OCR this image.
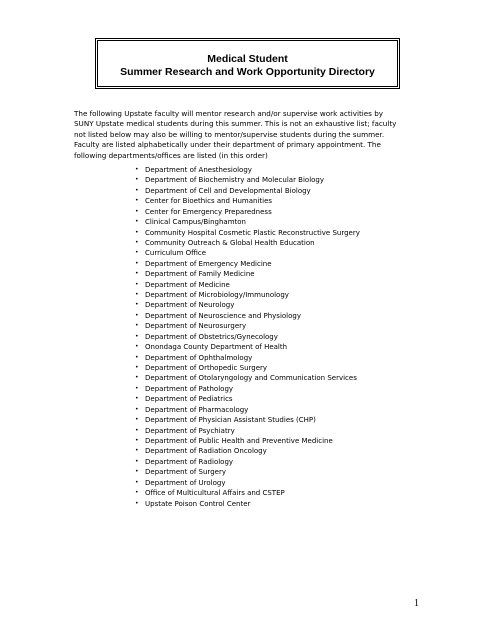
Medical Student
Summer Research and Work Opportunity Directory
The following Upstate faculty will mentor research and/or supervise work activities by
SUNY Upstate medical students during this summer. This is not an exhaustive list; faculty
not listed below may also be willing to mentor/supervise students during the summer.
Faculty are listed alphabetically under their department of primary appointment. The
following departments/offices are listed (in this order)
• Department of Anesthesiology
• Department of Biochemistry and Molecular Biology
• Department of Cell and Developmental Biology
• Center for Bioethics and Humanities
• Center for Emergency Preparedness
• Clinical Campus/Binghamton
• Community Hospital Cosmetic Plastic Reconstructive Surgery
• Community Outreach & Global Health Education
• Curriculum Office
• Department of Emergency Medicine
• Department of Family Medicine
• Department of Medicine
• Department of Microbiology/Immunology
• Department of Neurology
• Department of Neuroscience and Physiology
• Department of Neurosurgery
• Department of Obstetrics/Gynecology
• Onondaga County Department of Health
• Department of Ophthalmology
• Department of Orthopedic Surgery
• Department of Otolaryngology and Communication Services
• Department of Pathology
• Department of Pediatrics
• Department of Pharmacology
• Department of Physician Assistant Studies (CHP)
• Department of Psychiatry
• Department of Public Health and Preventive Medicine
• Department of Radiation Oncology
• Department of Radiology
• Department of Surgery
• Department of Urology
• Office of Multicultural Affairs and CSTEP
• Upstate Poison Control Center
1
